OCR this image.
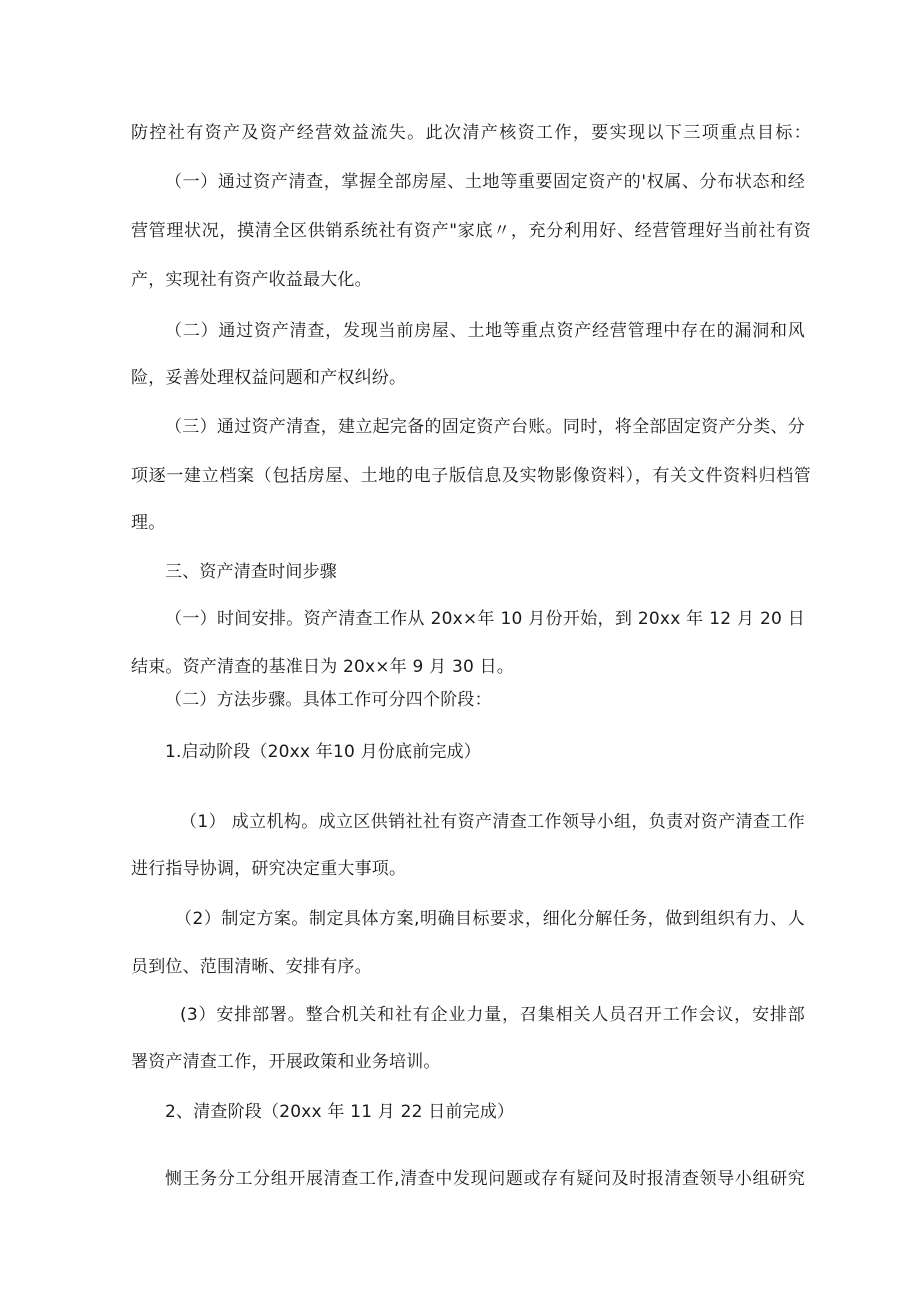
防控社有资产及资产经营效益流失。此次清产核资工作，要实现以下三项重点目标：

（一）通过资产清查，掌握全部房屋、土地等重要固定资产的'权属、分布状态和经

营管理状况，摸清全区供销系统社有资产"家底〃，充分利用好、经营管理好当前社有资

产，实现社有资产收益最大化。

（二）通过资产清查，发现当前房屋、土地等重点资产经营管理中存在的漏洞和风

险，妥善处理权益问题和产权纠纷。

（三）通过资产清查，建立起完备的固定资产台账。同时，将全部固定资产分类、分

项逐一建立档案（包括房屋、土地的电子版信息及实物影像资料），有关文件资料归档管

理。

三、资产清查时间步骤

（一）时间安排。资产清查工作从 20x×年 10 月份开始，到 20xx 年 12 月 20 日

结束。资产清查的基准日为 20x×年 9 月 30 日。

（二）方法步骤。具体工作可分四个阶段：

1.启动阶段（20xx 年10 月份底前完成）

（1） 成立机构。成立区供销社社有资产清查工作领导小组，负责对资产清查工作

进行指导协调，研究决定重大事项。

（2）制定方案。制定具体方案,明确目标要求，细化分解任务，做到组织有力、人

员到位、范围清晰、安排有序。

(3）安排部署。整合机关和社有企业力量，召集相关人员召开工作会议，安排部

署资产清查工作，开展政策和业务培训。

2、清查阶段（20xx 年 11 月 22 日前完成）

恻王务分工分组开展清查工作,清查中发现问题或存有疑问及时报清查领导小组研究
